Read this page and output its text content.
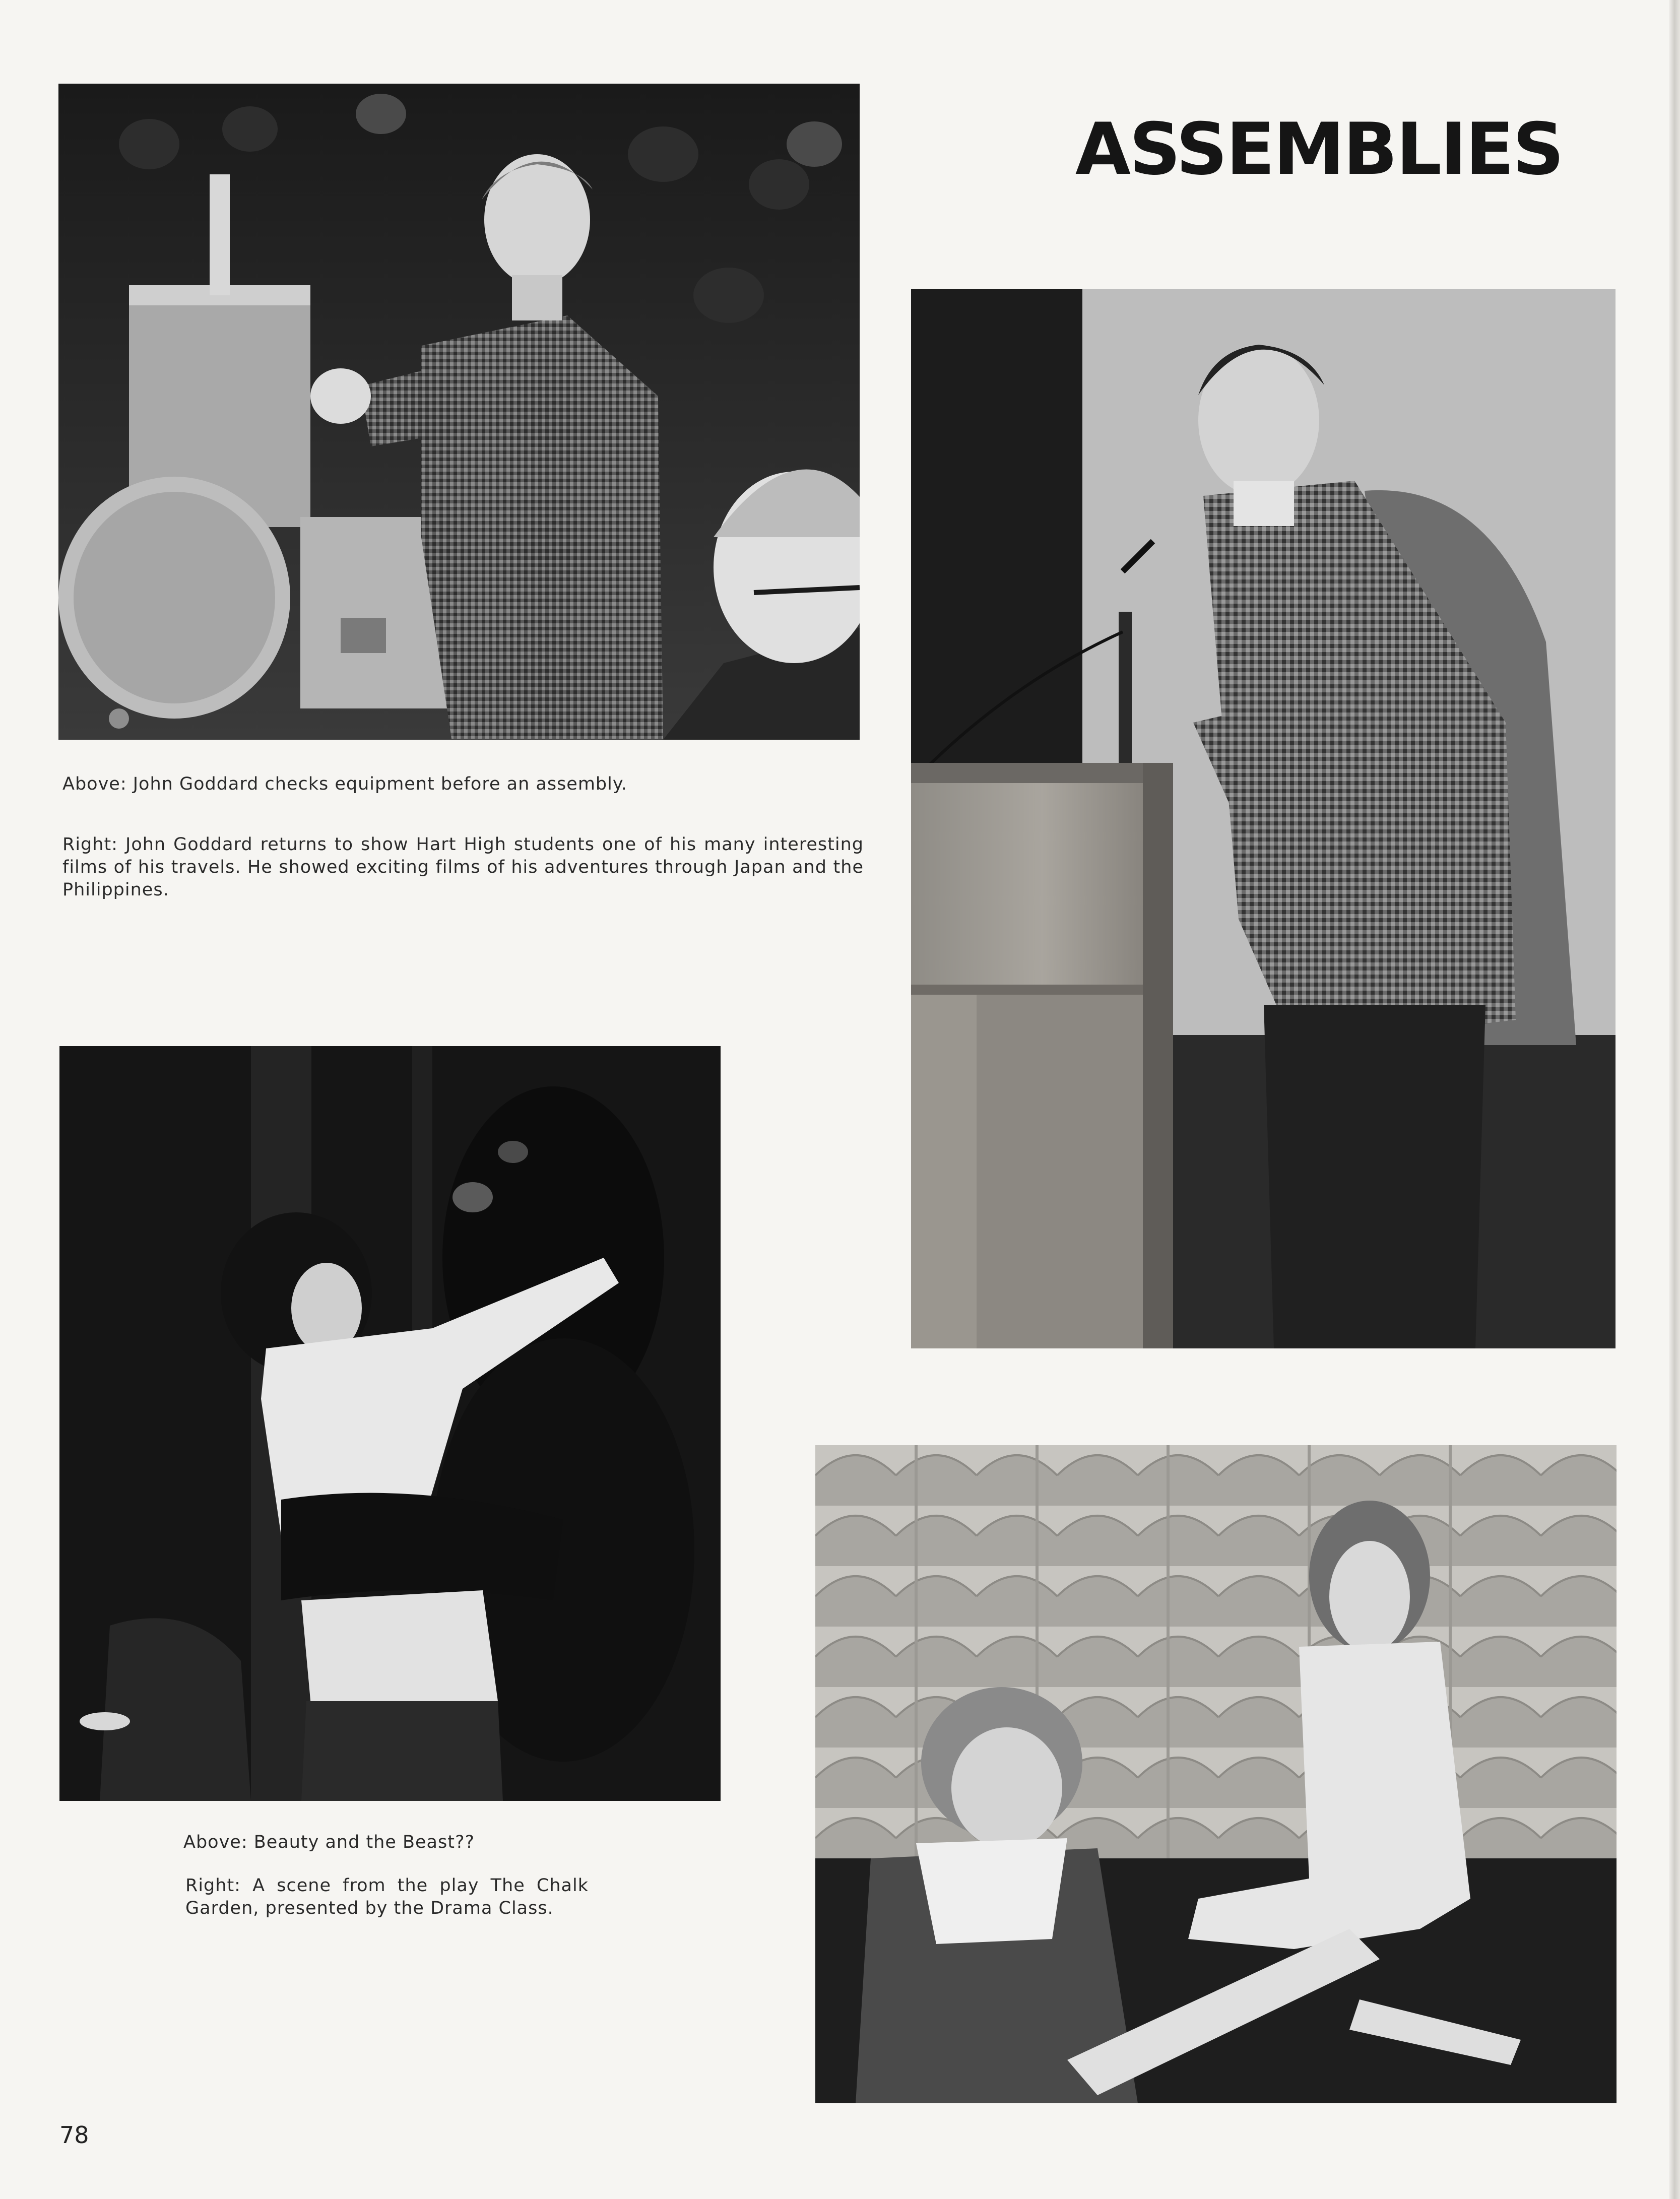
ASSEMBLIES

Above: John Goddard checks equipment before an assembly.

Right: John Goddard returns to show Hart High students one of his many interesting films of his travels. He showed exciting films of his adventures through Japan and the Philippines.

Above: Beauty and the Beast??

Right: A scene from the play The Chalk Garden, presented by the Drama Class.

78
